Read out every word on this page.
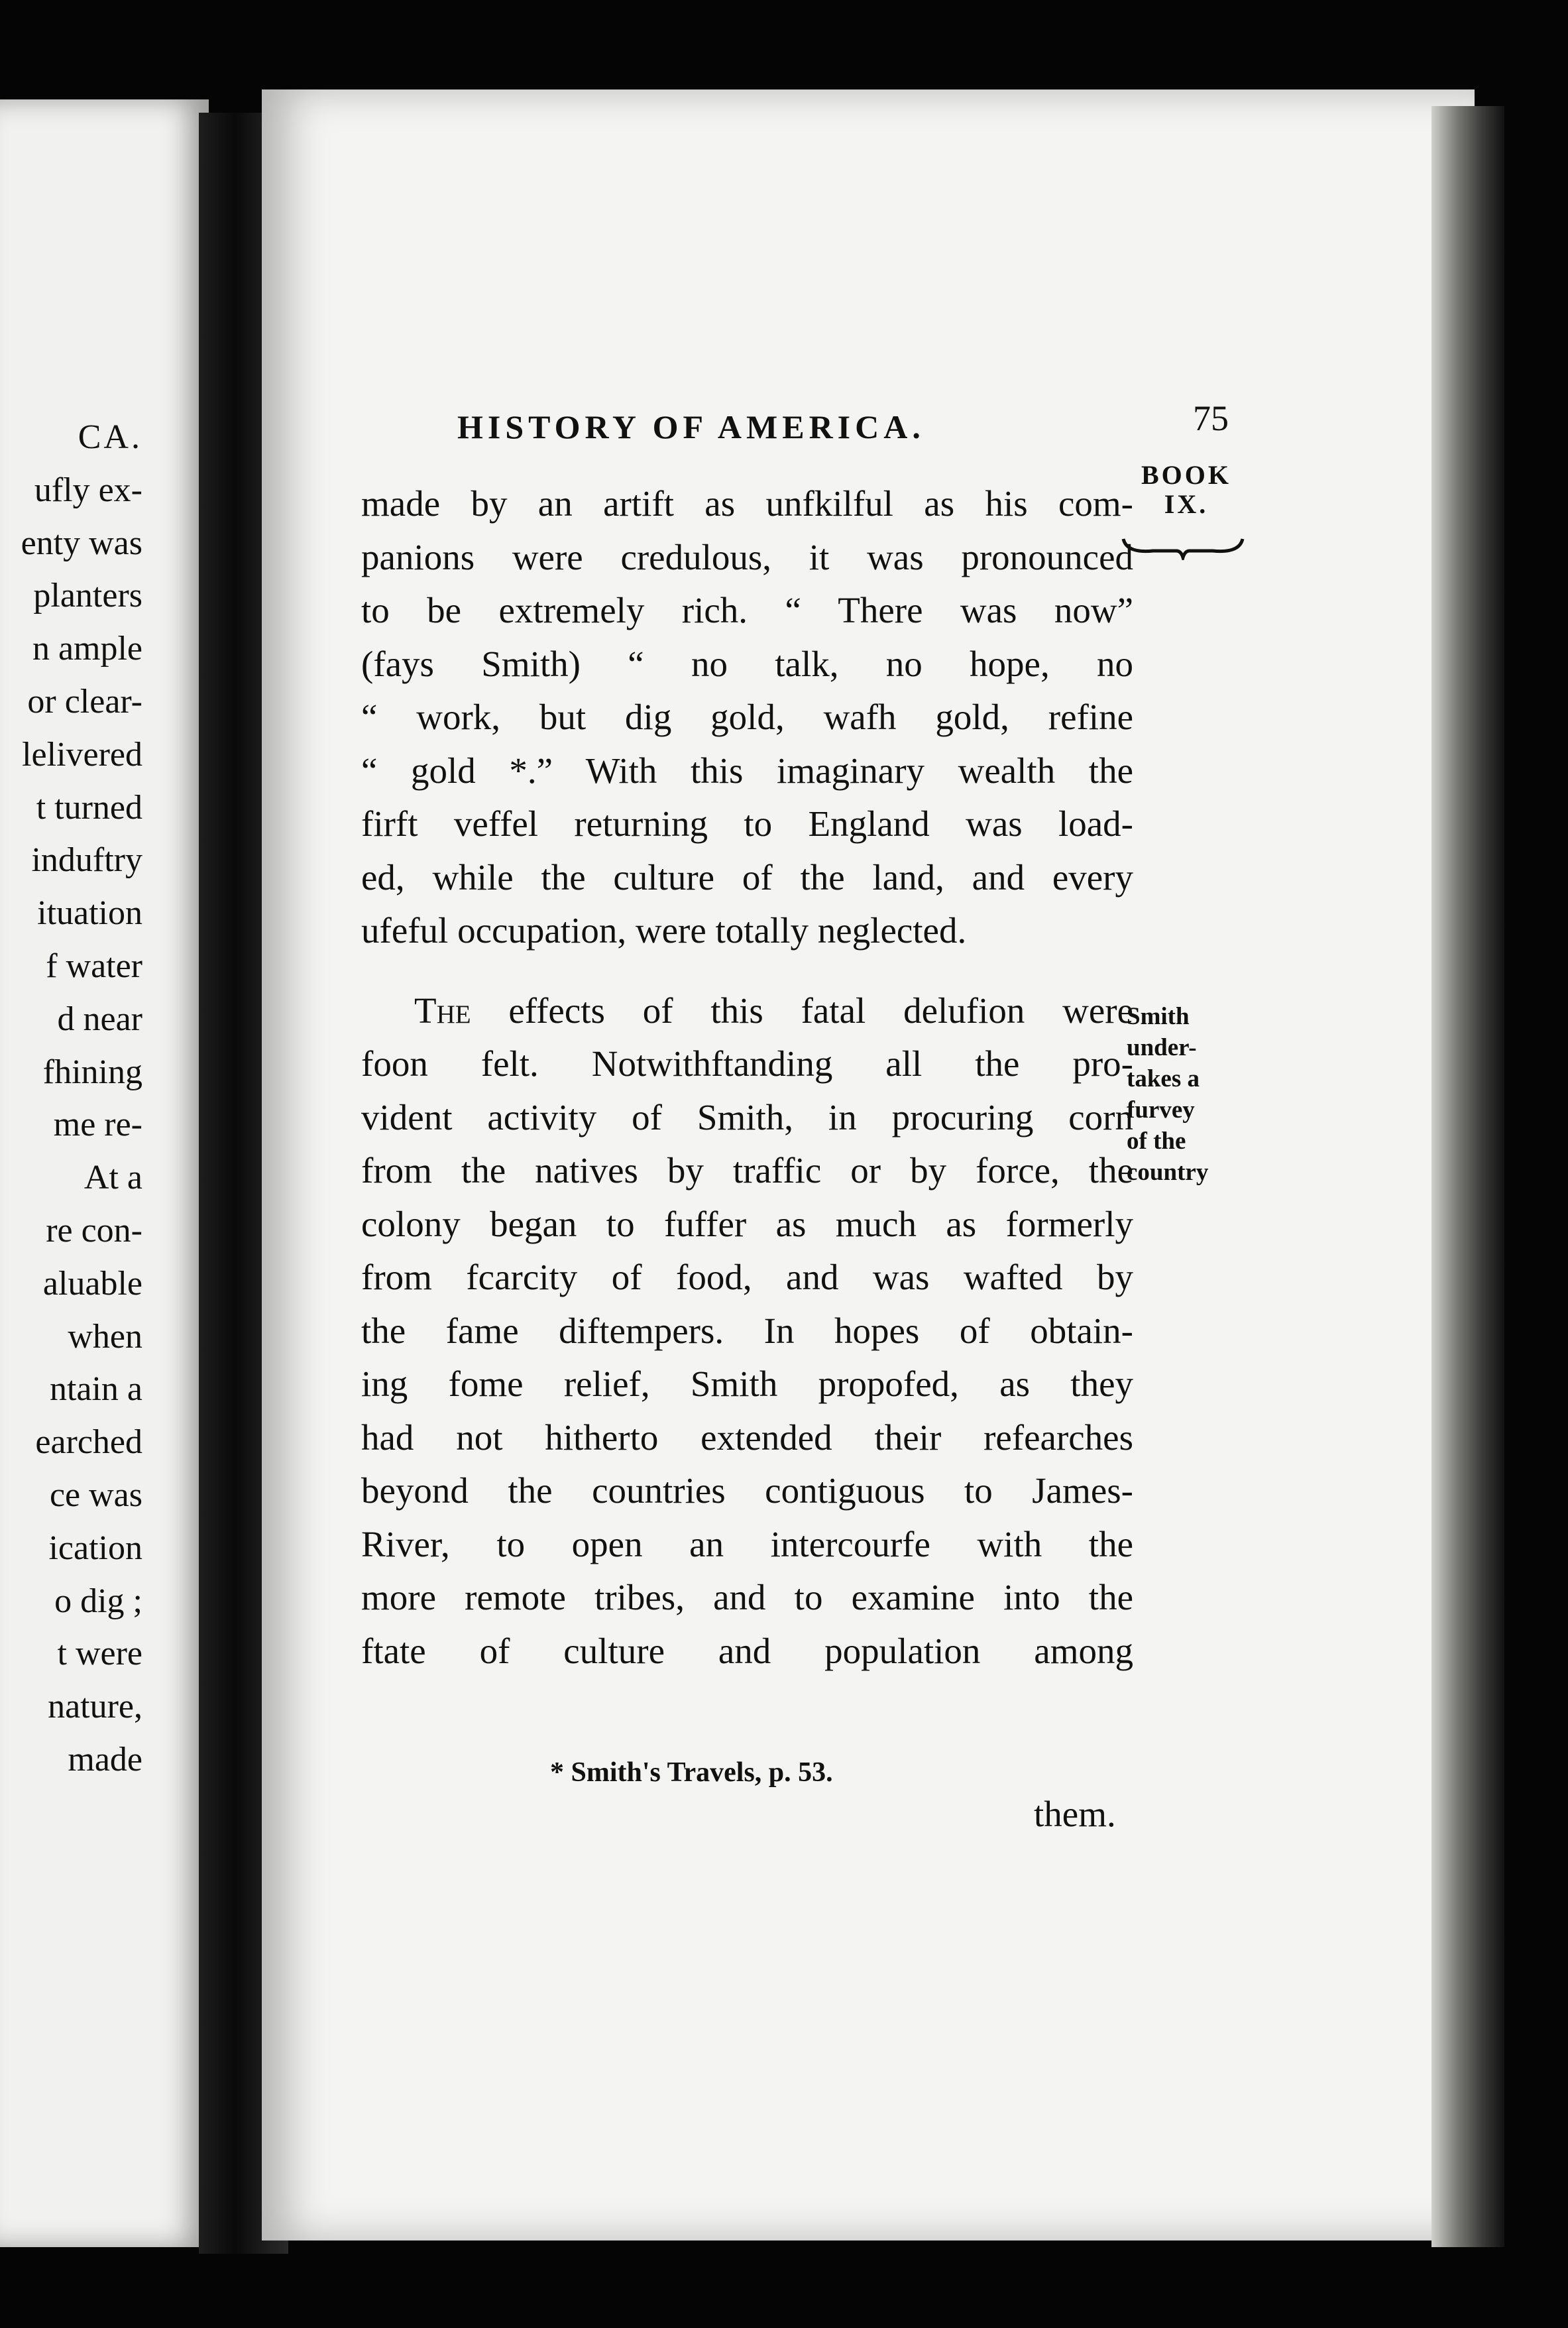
CA.
ufly ex-
enty was
planters
n ample
or clear-
lelivered
t turned
induftry
ituation
f water
d near
fhining
me re-
At a
re con-
aluable
when
ntain a
earched
ce was
ication
o dig ;
t were
nature,
made
HISTORY OF AMERICA.	75
BOOK
IX.
made by an artift as unfkilful as his com-
panions were credulous, it was pronounced
to be extremely rich. “ There was now”
(fays Smith) “ no talk, no hope, no
“ work, but dig gold, wafh gold, refine
“ gold *.” With this imaginary wealth the
firft veffel returning to England was load-
ed, while the culture of the land, and every
ufeful occupation, were totally neglected.
The effects of this fatal delufion were
foon felt. Notwithftanding all the pro-
vident activity of Smith, in procuring corn
from the natives by traffic or by force, the
colony began to fuffer as much as formerly
from fcarcity of food, and was wafted by
the fame diftempers. In hopes of obtain-
ing fome relief, Smith propofed, as they
had not hitherto extended their refearches
beyond the countries contiguous to James-
River, to open an intercourfe with the
more remote tribes, and to examine into the
ftate of culture and population among
Smith
under-
takes a
furvey
of the
country
* Smith's Travels, p. 53.
them.
